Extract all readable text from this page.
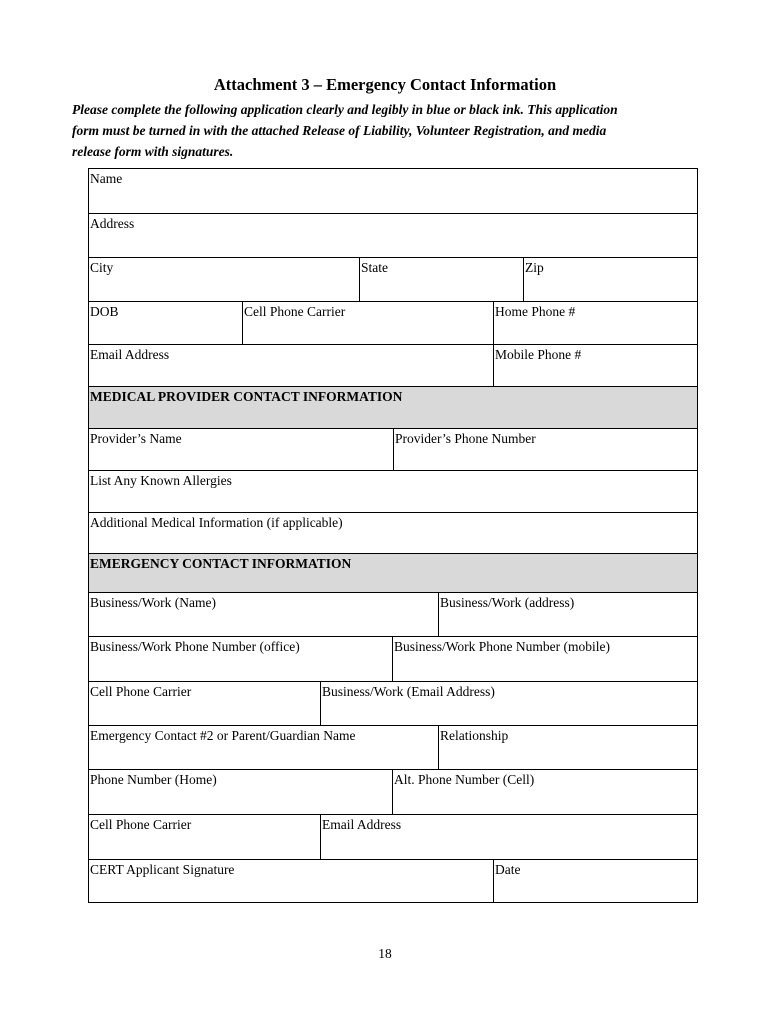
Attachment 3 – Emergency Contact Information
Please complete the following application clearly and legibly in blue or black ink. This application
form must be turned in with the attached Release of Liability, Volunteer Registration, and media
release form with signatures.
Name
Address
City	State	Zip
DOB	Cell Phone Carrier	Home Phone #
Email Address	Mobile Phone #
MEDICAL PROVIDER CONTACT INFORMATION
Provider’s Name	Provider’s Phone Number
List Any Known Allergies
Additional Medical Information (if applicable)
EMERGENCY CONTACT INFORMATION
Business/Work (Name)	Business/Work (address)
Business/Work Phone Number (office)	Business/Work Phone Number (mobile)
Cell Phone Carrier	Business/Work (Email Address)
Emergency Contact #2 or Parent/Guardian Name	Relationship
Phone Number (Home)	Alt. Phone Number (Cell)
Cell Phone Carrier	Email Address
CERT Applicant Signature	Date
18
